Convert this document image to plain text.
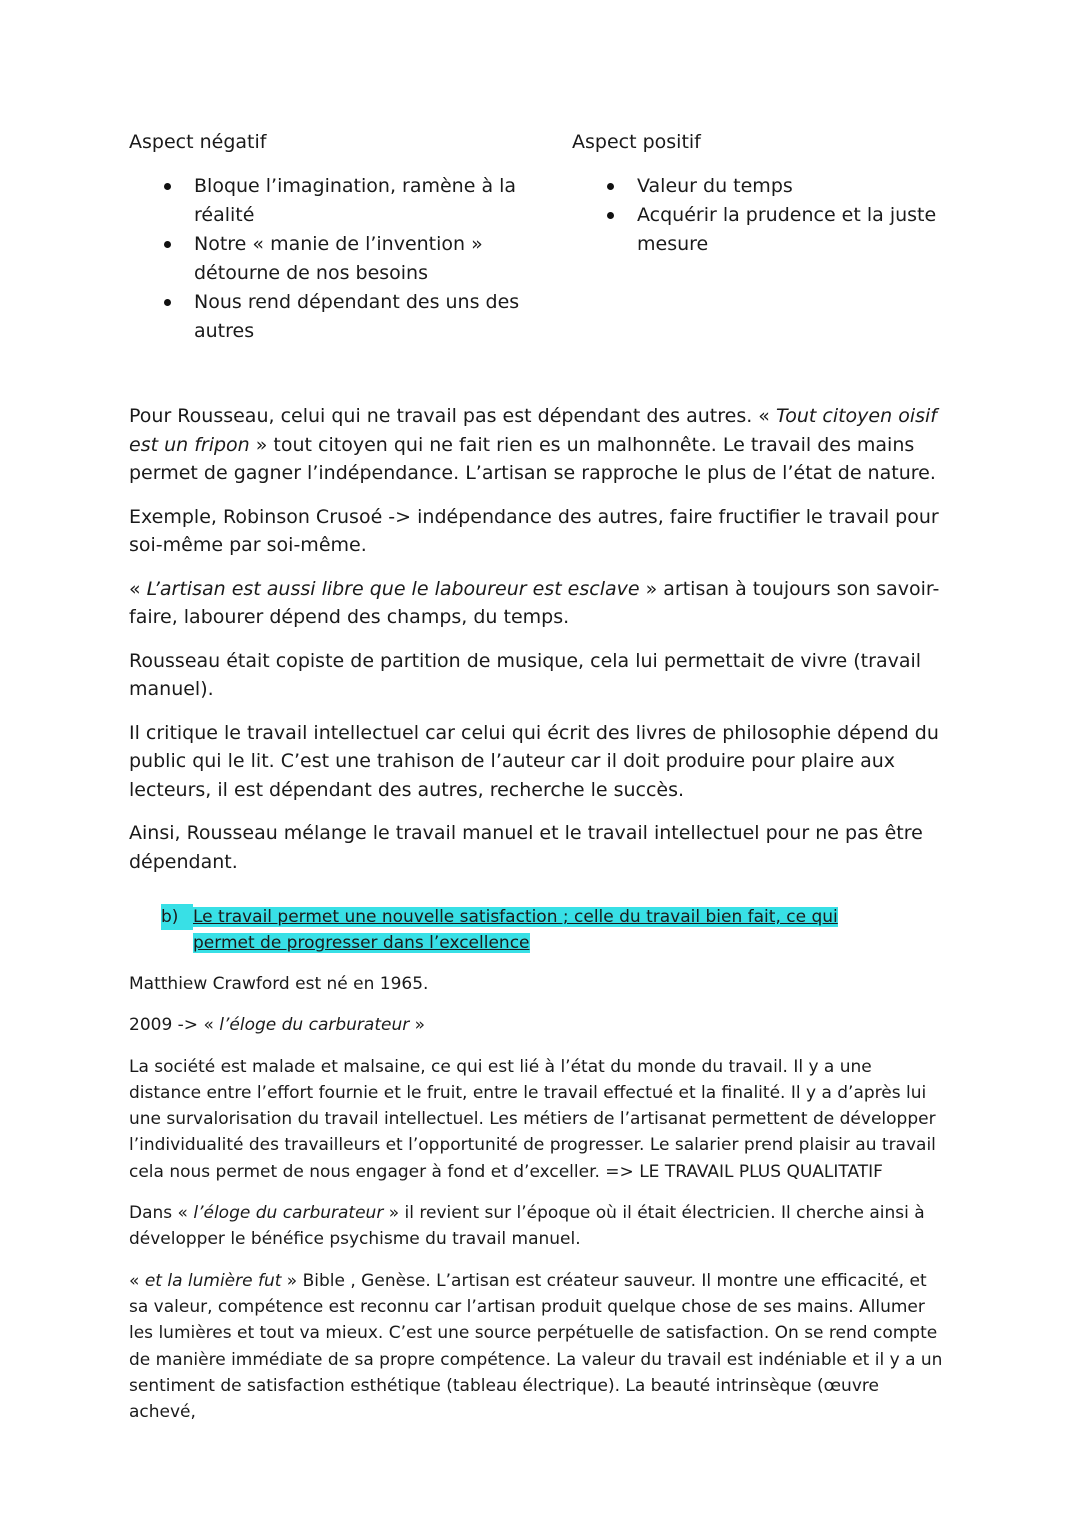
Aspect négatif
Bloque l’imagination, ramène à la réalité
Notre « manie de l’invention » détourne de nos besoins
Nous rend dépendant des uns des autres
Aspect positif
Valeur du temps
Acquérir la prudence et la juste mesure

Pour Rousseau, celui qui ne travail pas est dépendant des autres. « Tout citoyen oisif est un fripon » tout citoyen qui ne fait rien es un malhonnête. Le travail des mains permet de gagner l’indépendance. L’artisan se rapproche le plus de l’état de nature.

Exemple, Robinson Crusoé -> indépendance des autres, faire fructifier le travail pour soi-même par soi-même.

« L’artisan est aussi libre que le laboureur est esclave » artisan à toujours son savoir-faire, labourer dépend des champs, du temps.

Rousseau était copiste de partition de musique, cela lui permettait de vivre (travail manuel).

Il critique le travail intellectuel car celui qui écrit des livres de philosophie dépend du public qui le lit. C’est une trahison de l’auteur car il doit produire pour plaire aux lecteurs, il est dépendant des autres, recherche le succès.

Ainsi, Rousseau mélange le travail manuel et le travail intellectuel pour ne pas être dépendant.

b) Le travail permet une nouvelle satisfaction ; celle du travail bien fait, ce qui permet de progresser dans l’excellence

Matthiew Crawford est né en 1965.

2009 -> « l’éloge du carburateur »

La société est malade et malsaine, ce qui est lié à l’état du monde du travail. Il y a une distance entre l’effort fournie et le fruit, entre le travail effectué et la finalité. Il y a d’après lui une survalorisation du travail intellectuel. Les métiers de l’artisanat permettent de développer l’individualité des travailleurs et l’opportunité de progresser. Le salarier prend plaisir au travail cela nous permet de nous engager à fond et d’exceller. => LE TRAVAIL PLUS QUALITATIF

Dans « l’éloge du carburateur » il revient sur l’époque où il était électricien. Il cherche ainsi à développer le bénéfice psychisme du travail manuel.

« et la lumière fut » Bible , Genèse. L’artisan est créateur sauveur. Il montre une efficacité, et sa valeur, compétence est reconnu car l’artisan produit quelque chose de ses mains. Allumer les lumières et tout va mieux. C’est une source perpétuelle de satisfaction. On se rend compte de manière immédiate de sa propre compétence. La valeur du travail est indéniable et il y a un sentiment de satisfaction esthétique (tableau électrique). La beauté intrinsèque (œuvre achevé,
